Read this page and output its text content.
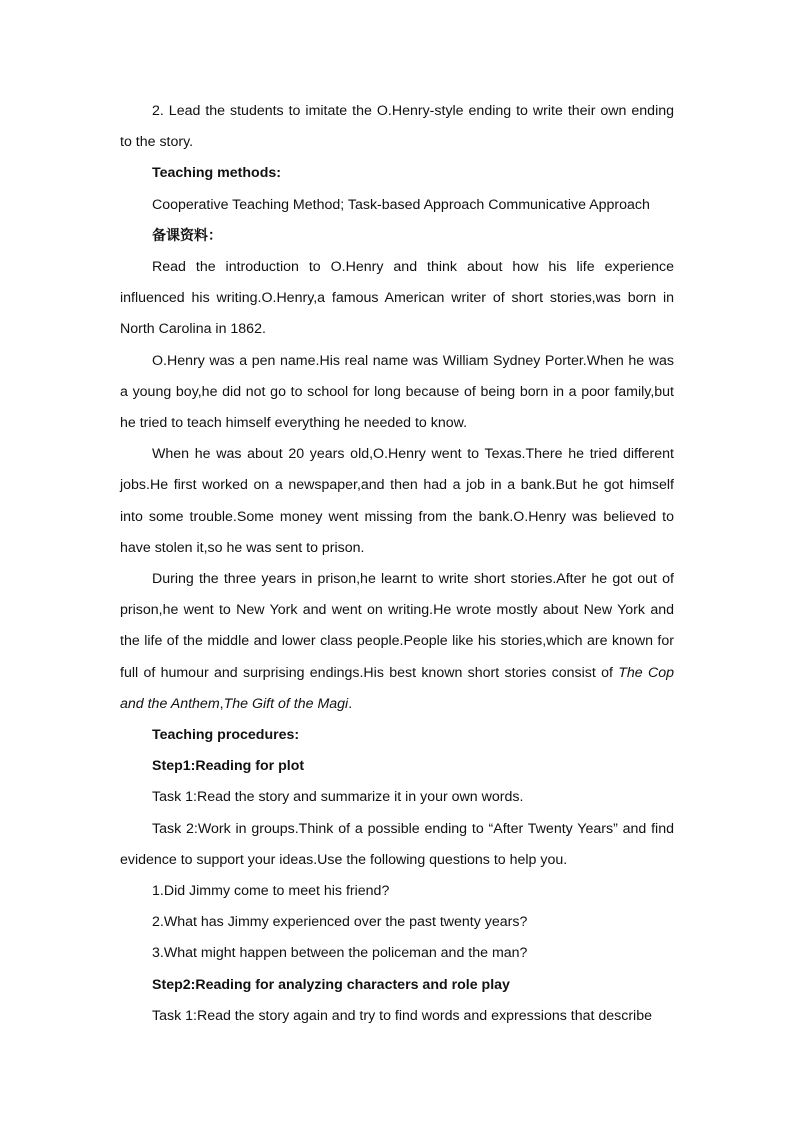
2. Lead the students to imitate the O.Henry-style ending to write their own ending to the story.

Teaching methods:

Cooperative Teaching Method; Task-based Approach Communicative Approach

备课资料：

Read the introduction to O.Henry and think about how his life experience influenced his writing.O.Henry,a famous American writer of short stories,was born in North Carolina in 1862.

O.Henry was a pen name.His real name was William Sydney Porter.When he was a young boy,he did not go to school for long because of being born in a poor family,but he tried to teach himself everything he needed to know.

When he was about 20 years old,O.Henry went to Texas.There he tried different jobs.He first worked on a newspaper,and then had a job in a bank.But he got himself into some trouble.Some money went missing from the bank.O.Henry was believed to have stolen it,so he was sent to prison.

During the three years in prison,he learnt to write short stories.After he got out of prison,he went to New York and went on writing.He wrote mostly about New York and the life of the middle and lower class people.People like his stories,which are known for full of humour and surprising endings.His best known short stories consist of The Cop and the Anthem,The Gift of the Magi.

Teaching procedures:

Step1:Reading for plot

Task 1:Read the story and summarize it in your own words.

Task 2:Work in groups.Think of a possible ending to “After Twenty Years” and find evidence to support your ideas.Use the following questions to help you.

1.Did Jimmy come to meet his friend?

2.What has Jimmy experienced over the past twenty years?

3.What might happen between the policeman and the man?

Step2:Reading for analyzing characters and role play

Task 1:Read the story again and try to find words and expressions that describe
